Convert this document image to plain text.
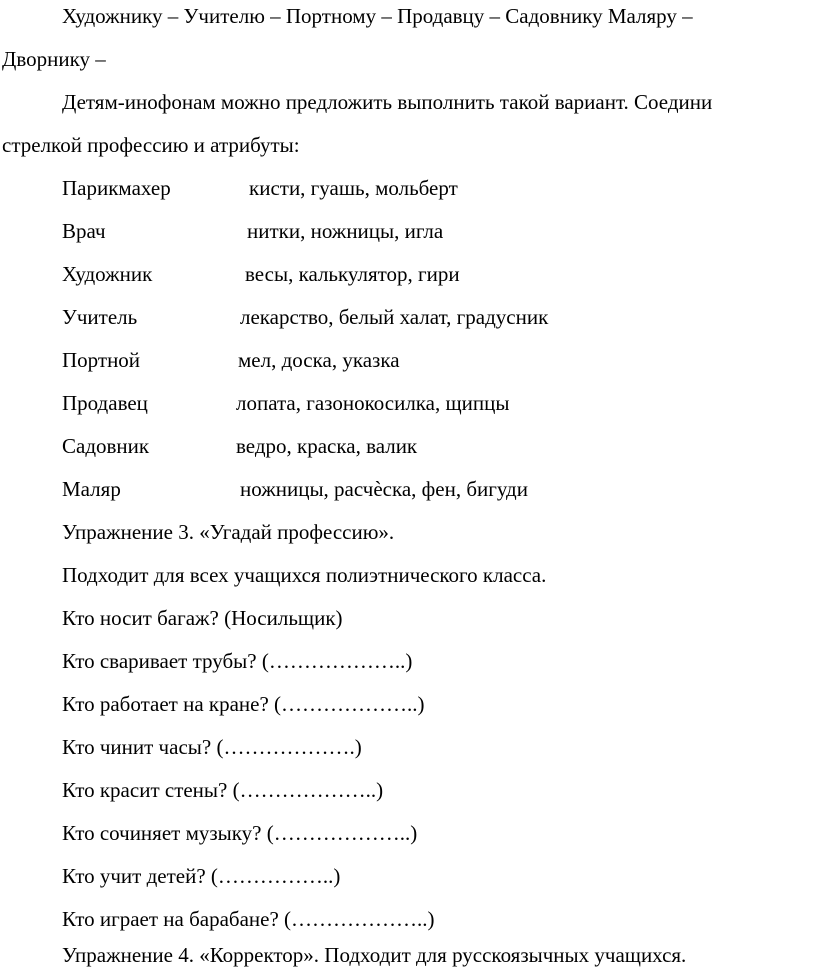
Художнику – Учителю – Портному – Продавцу – Садовнику Маляру –
Дворнику –
Детям-инофонам можно предложить выполнить такой вариант. Соедини
стрелкой профессию и атрибуты:
Парикмахер	кисти, гуашь, мольберт
Врач	нитки, ножницы, игла
Художник	весы, калькулятор, гири
Учитель	лекарство, белый халат, градусник
Портной	мел, доска, указка
Продавец	лопата, газонокосилка, щипцы
Садовник	ведро, краска, валик
Маляр	ножницы, расчѐска, фен, бигуди
Упражнение 3. «Угадай профессию».
Подходит для всех учащихся полиэтнического класса.
Кто носит багаж? (Носильщик)
Кто сваривает трубы? (………………..)
Кто работает на кране? (………………..)
Кто чинит часы? (……………….)
Кто красит стены? (………………..)
Кто сочиняет музыку? (………………..)
Кто учит детей? (……………..)
Кто играет на барабане? (………………..)
Упражнение 4. «Корректор». Подходит для русскоязычных учащихся.
